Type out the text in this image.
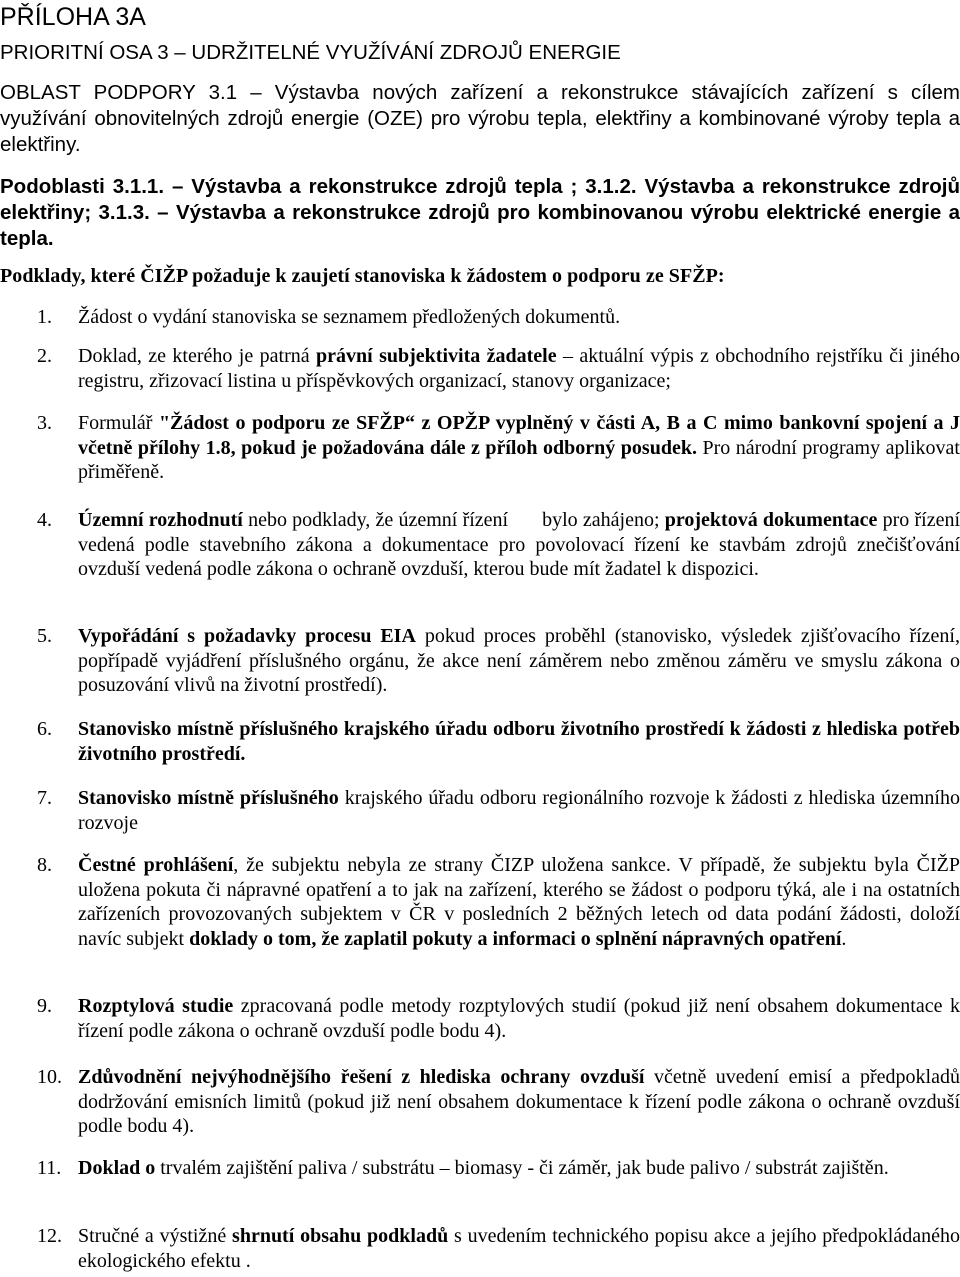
PŘÍLOHA 3A

PRIORITNÍ OSA 3 – UDRŽITELNÉ VYUŽÍVÁNÍ ZDROJŮ ENERGIE

OBLAST PODPORY 3.1 – Výstavba nových zařízení a rekonstrukce stávajících zařízení s cílem využívání obnovitelných zdrojů energie (OZE) pro výrobu tepla, elektřiny a kombinované výroby tepla a elektřiny.

Podoblasti 3.1.1. – Výstavba a rekonstrukce zdrojů tepla ; 3.1.2. Výstavba a rekonstrukce zdrojů elektřiny; 3.1.3. – Výstavba a rekonstrukce zdrojů pro kombinovanou výrobu elektrické energie a tepla.

Podklady, které ČIŽP požaduje k zaujetí stanoviska k žádostem o podporu ze SFŽP:

1. Žádost o vydání stanoviska se seznamem předložených dokumentů.
2. Doklad, ze kterého je patrná právní subjektivita žadatele – aktuální výpis z obchodního rejstříku či jiného registru, zřizovací listina u příspěvkových organizací, stanovy organizace;
3. Formulář "Žádost o podporu ze SFŽP“ z OPŽP vyplněný v části A, B a C mimo bankovní spojení a J včetně přílohy 1.8, pokud je požadována dále z příloh odborný posudek. Pro národní programy aplikovat přiměřeně.
4. Územní rozhodnutí nebo podklady, že územní řízení bylo zahájeno; projektová dokumentace pro řízení vedená podle stavebního zákona a dokumentace pro povolovací řízení ke stavbám zdrojů znečišťování ovzduší vedená podle zákona o ochraně ovzduší, kterou bude mít žadatel k dispozici.
5. Vypořádání s požadavky procesu EIA pokud proces proběhl (stanovisko, výsledek zjišťovacího řízení, popřípadě vyjádření příslušného orgánu, že akce není záměrem nebo změnou záměru ve smyslu zákona o posuzování vlivů na životní prostředí).
6. Stanovisko místně příslušného krajského úřadu odboru životního prostředí k žádosti z hlediska potřeb životního prostředí.
7. Stanovisko místně příslušného krajského úřadu odboru regionálního rozvoje k žádosti z hlediska územního rozvoje
8. Čestné prohlášení, že subjektu nebyla ze strany ČIZP uložena sankce. V případě, že subjektu byla ČIŽP uložena pokuta či nápravné opatření a to jak na zařízení, kterého se žádost o podporu týká, ale i na ostatních zařízeních provozovaných subjektem v ČR v posledních 2 běžných letech od data podání žádosti, doloží navíc subjekt doklady o tom, že zaplatil pokuty a informaci o splnění nápravných opatření.
9. Rozptylová studie zpracovaná podle metody rozptylových studií (pokud již není obsahem dokumentace k řízení podle zákona o ochraně ovzduší podle bodu 4).
10. Zdůvodnění nejvýhodnějšího řešení z hlediska ochrany ovzduší včetně uvedení emisí a předpokladů dodržování emisních limitů (pokud již není obsahem dokumentace k řízení podle zákona o ochraně ovzduší podle bodu 4).
11. Doklad o trvalém zajištění paliva / substrátu – biomasy - či záměr, jak bude palivo / substrát zajištěn.
12. Stručné a výstižné shrnutí obsahu podkladů s uvedením technického popisu akce a jejího předpokládaného ekologického efektu .
